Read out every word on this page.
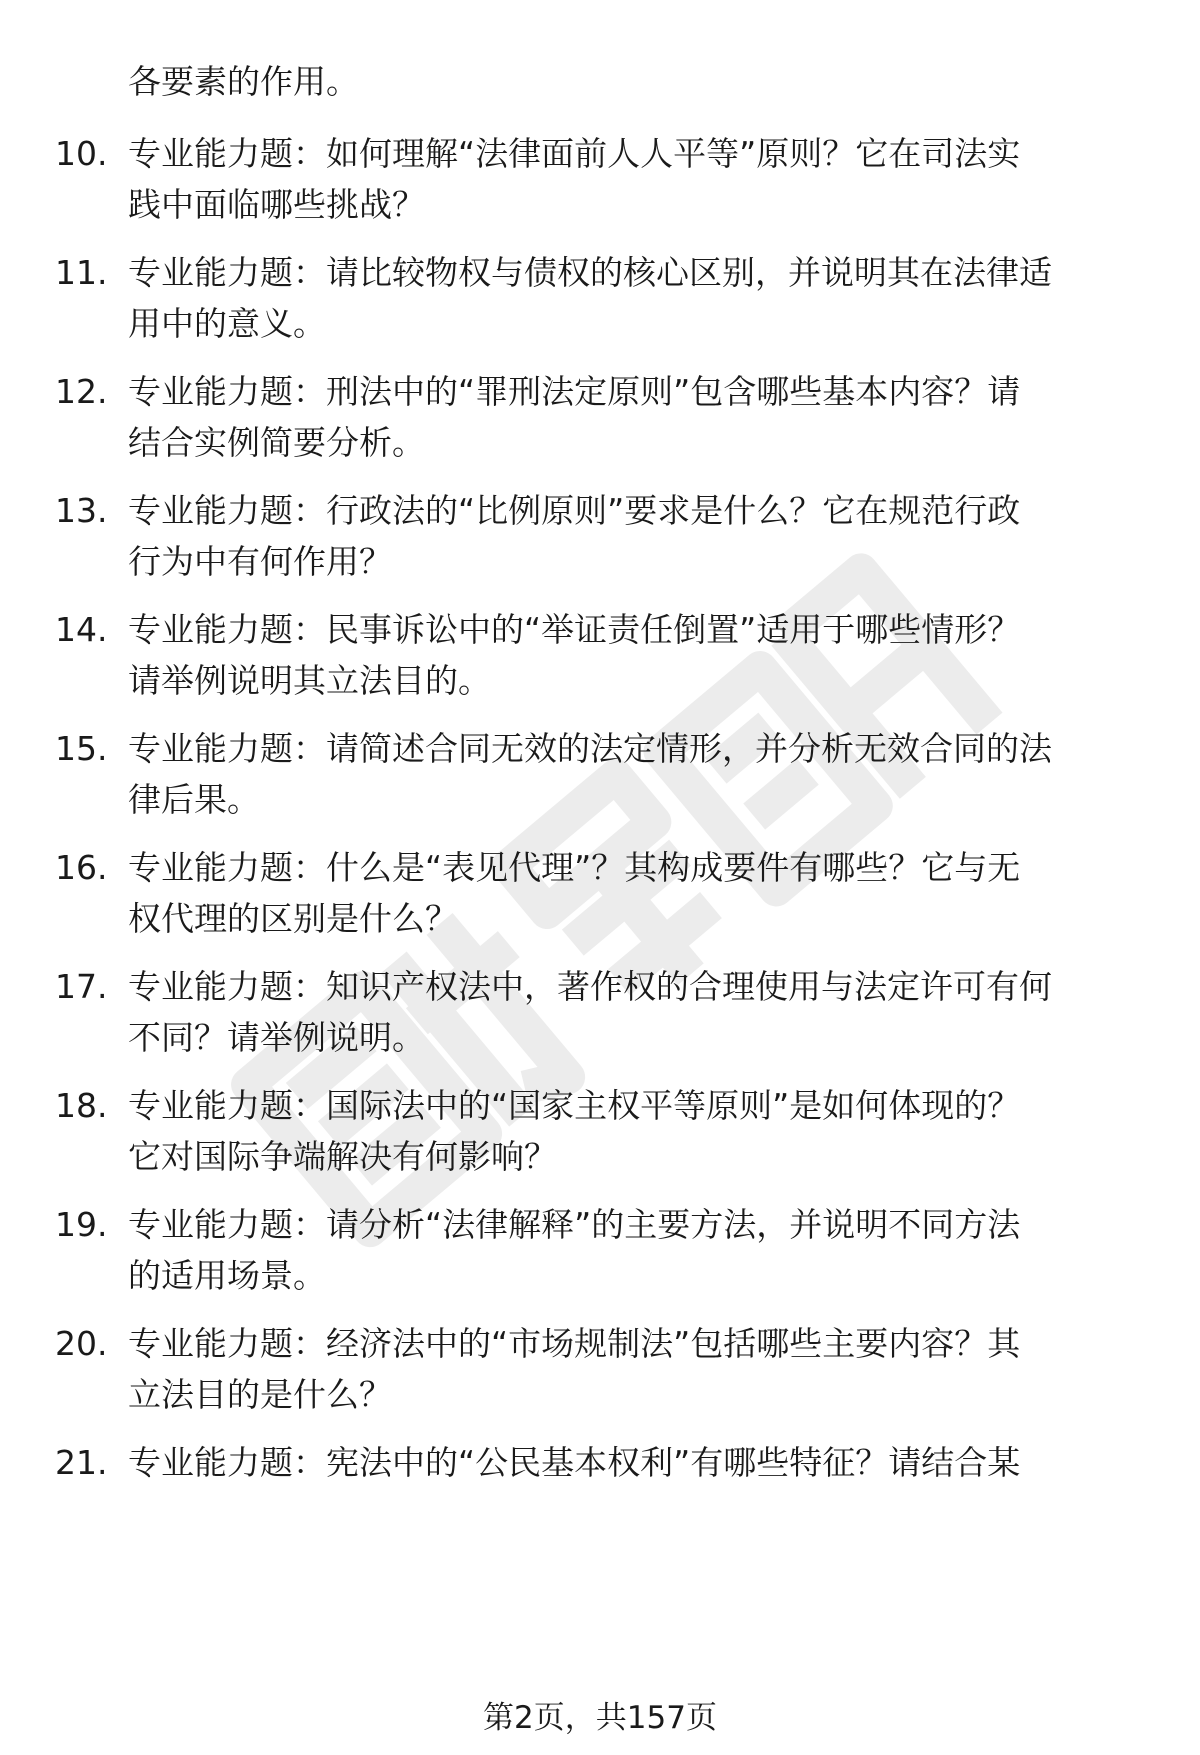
各要素的作用。
10. 专业能力题：如何理解“法律面前人人平等”原则？它在司法实
践中面临哪些挑战？
11. 专业能力题：请比较物权与债权的核心区别，并说明其在法律适
用中的意义。
12. 专业能力题：刑法中的“罪刑法定原则”包含哪些基本内容？请
结合实例简要分析。
13. 专业能力题：行政法的“比例原则”要求是什么？它在规范行政
行为中有何作用？
14. 专业能力题：民事诉讼中的“举证责任倒置”适用于哪些情形？
请举例说明其立法目的。
15. 专业能力题：请简述合同无效的法定情形，并分析无效合同的法
律后果。
16. 专业能力题：什么是“表见代理”？其构成要件有哪些？它与无
权代理的区别是什么？
17. 专业能力题：知识产权法中，著作权的合理使用与法定许可有何
不同？请举例说明。
18. 专业能力题：国际法中的“国家主权平等原则”是如何体现的？
它对国际争端解决有何影响？
19. 专业能力题：请分析“法律解释”的主要方法，并说明不同方法
的适用场景。
20. 专业能力题：经济法中的“市场规制法”包括哪些主要内容？其
立法目的是什么？
21. 专业能力题：宪法中的“公民基本权利”有哪些特征？请结合某
第2页，共157页
